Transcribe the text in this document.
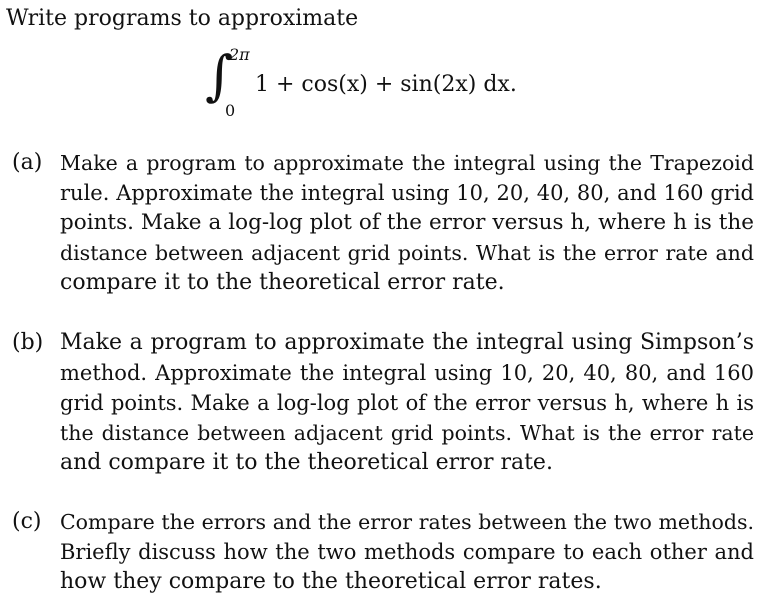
Write programs to approximate
∫
2π
0
1 + cos(x) + sin(2x) dx.
(a) Make a program to approximate the integral using the Trapezoid
rule. Approximate the integral using 10, 20, 40, 80, and 160 grid
points. Make a log-log plot of the error versus h, where h is the
distance between adjacent grid points. What is the error rate and
compare it to the theoretical error rate.
(b) Make a program to approximate the integral using Simpson’s
method. Approximate the integral using 10, 20, 40, 80, and 160
grid points. Make a log-log plot of the error versus h, where h is
the distance between adjacent grid points. What is the error rate
and compare it to the theoretical error rate.
(c) Compare the errors and the error rates between the two methods.
Briefly discuss how the two methods compare to each other and
how they compare to the theoretical error rates.
